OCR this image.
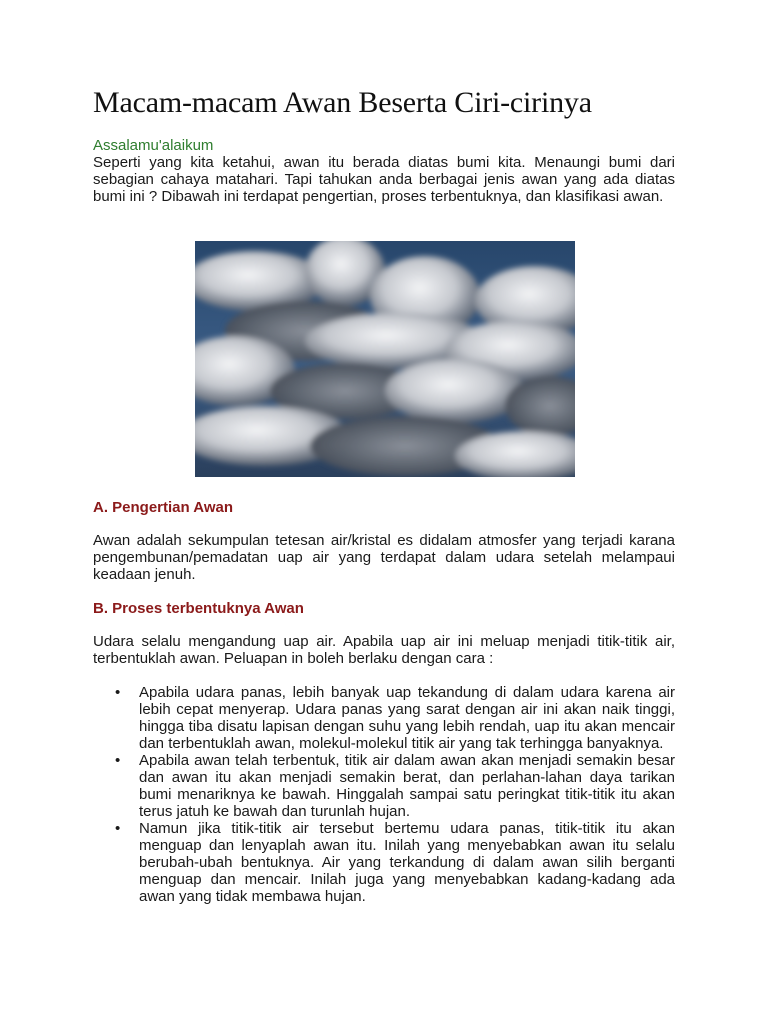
Macam-macam Awan Beserta Ciri-cirinya

Assalamu'alaikum

Seperti yang kita ketahui, awan itu berada diatas bumi kita. Menaungi bumi dari sebagian cahaya matahari. Tapi tahukan anda berbagai jenis awan yang ada diatas bumi ini ? Dibawah ini terdapat pengertian, proses terbentuknya, dan klasifikasi awan.

A. Pengertian Awan

Awan adalah sekumpulan tetesan air/kristal es didalam atmosfer yang terjadi karana pengembunan/pemadatan uap air yang terdapat dalam udara setelah melampaui keadaan jenuh.

B. Proses terbentuknya Awan

Udara selalu mengandung uap air. Apabila uap air ini meluap menjadi titik-titik air, terbentuklah awan. Peluapan in boleh berlaku dengan cara :

• Apabila udara panas, lebih banyak uap tekandung di dalam udara karena air lebih cepat menyerap. Udara panas yang sarat dengan air ini akan naik tinggi, hingga tiba disatu lapisan dengan suhu yang lebih rendah, uap itu akan mencair dan terbentuklah awan, molekul-molekul titik air yang tak terhingga banyaknya.
• Apabila awan telah terbentuk, titik air dalam awan akan menjadi semakin besar dan awan itu akan menjadi semakin berat, dan perlahan-lahan daya tarikan bumi menariknya ke bawah. Hinggalah sampai satu peringkat titik-titik itu akan terus jatuh ke bawah dan turunlah hujan.
• Namun jika titik-titik air tersebut bertemu udara panas, titik-titik itu akan menguap dan lenyaplah awan itu. Inilah yang menyebabkan awan itu selalu berubah-ubah bentuknya. Air yang terkandung di dalam awan silih berganti menguap dan mencair. Inilah juga yang menyebabkan kadang-kadang ada awan yang tidak membawa hujan.
